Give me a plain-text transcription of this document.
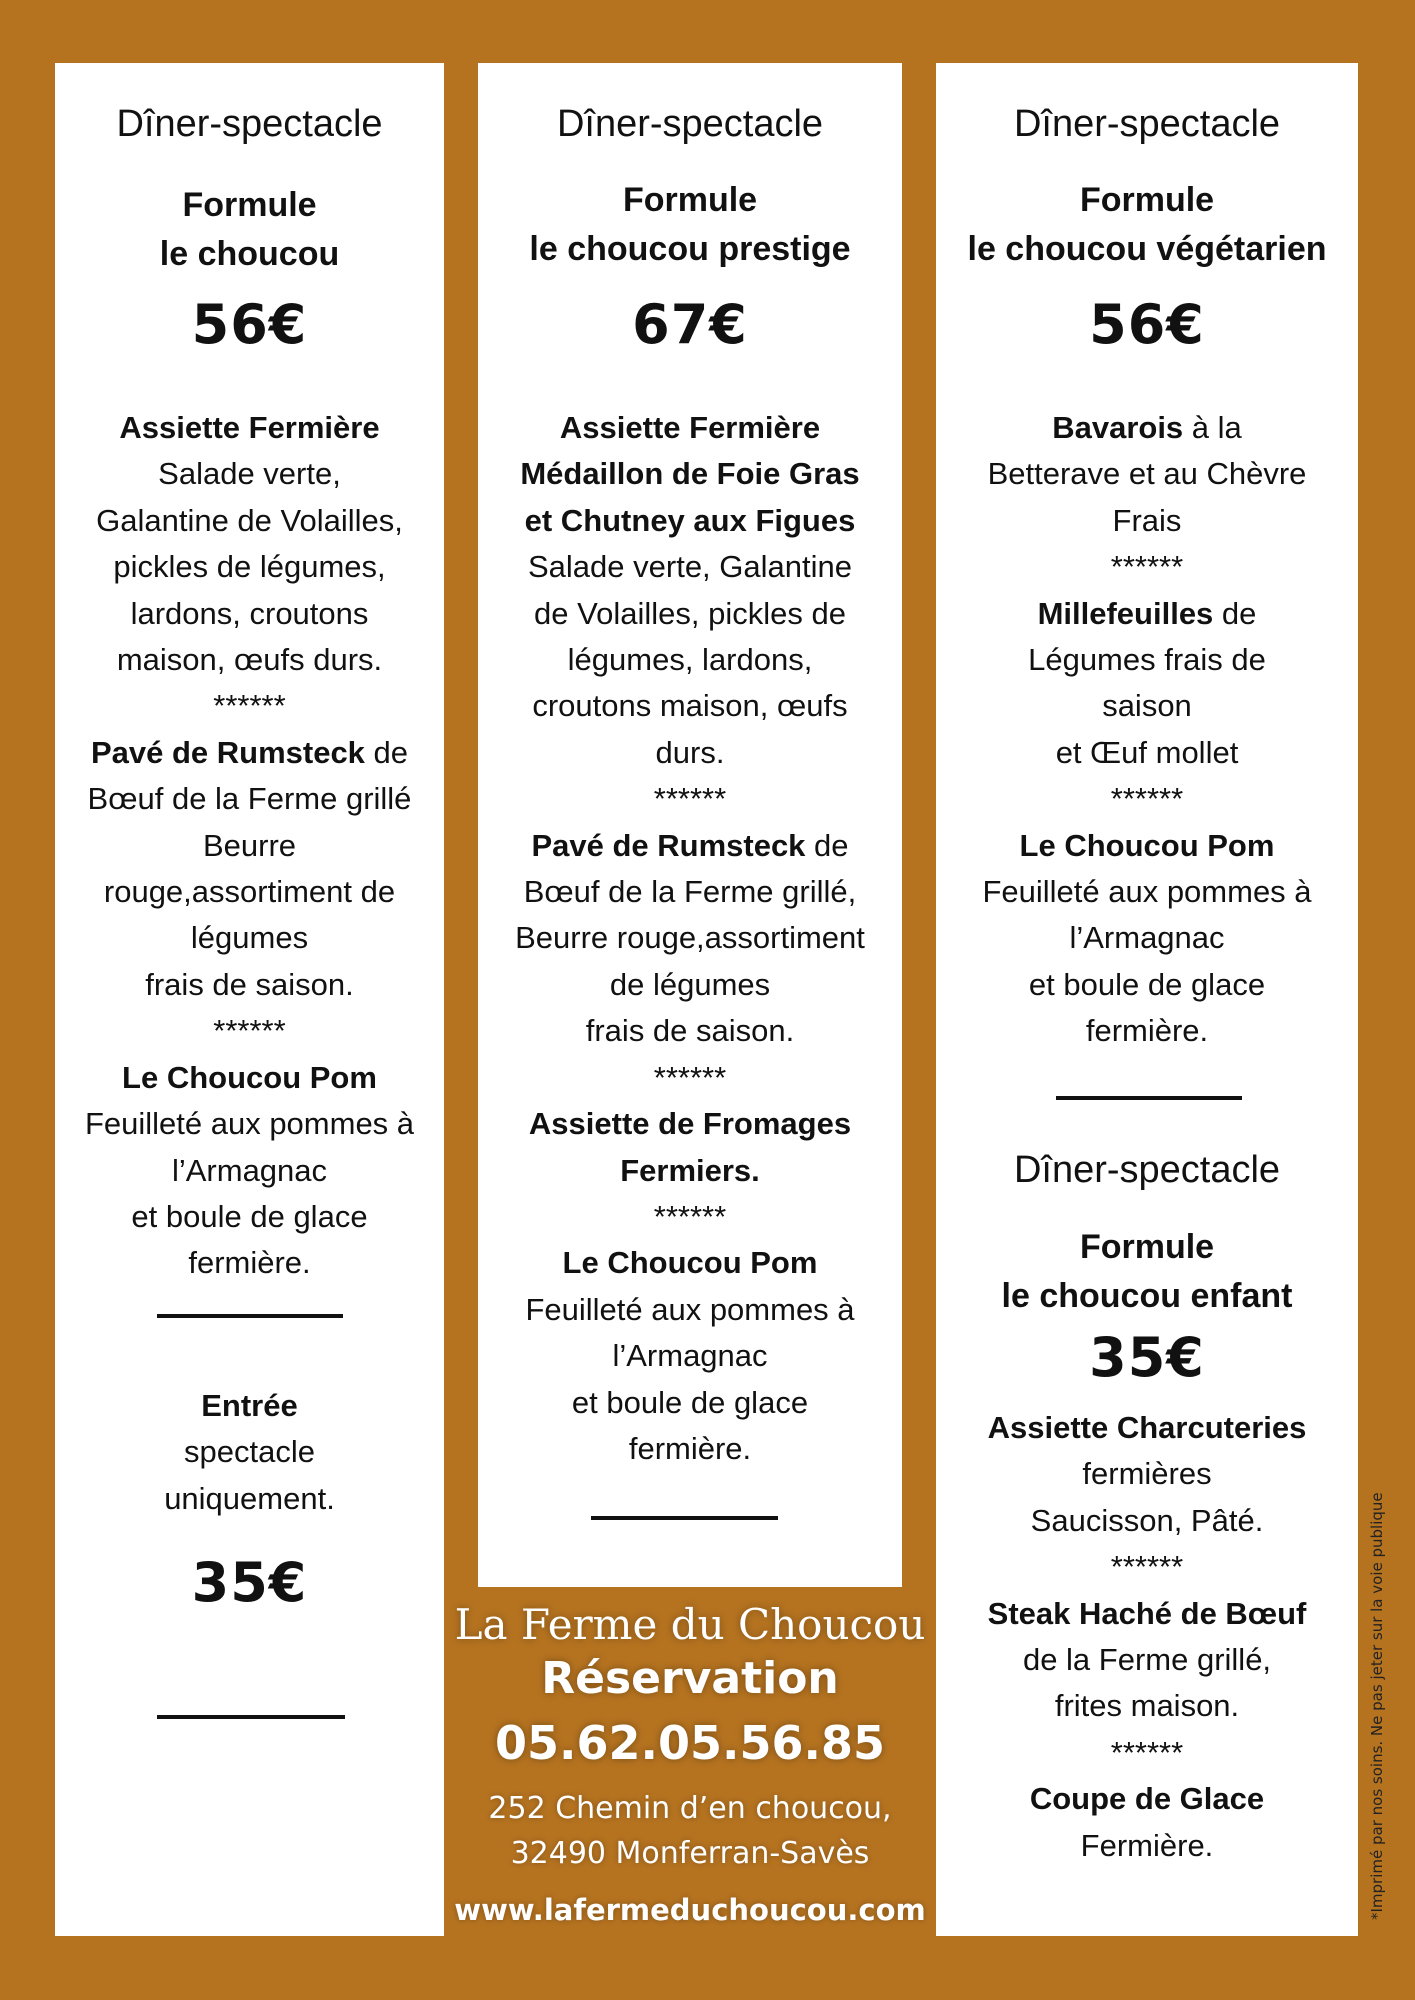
Dîner-spectacle
Formule
le choucou
56€
Assiette Fermière
Salade verte,
Galantine de Volailles,
pickles de légumes,
lardons, croutons
maison, œufs durs.
******
Pavé de Rumsteck de
Bœuf de la Ferme grillé
Beurre
rouge,assortiment de
légumes
frais de saison.
******
Le Choucou Pom
Feuilleté aux pommes à
l’Armagnac
et boule de glace
fermière.
Entrée
spectacle
uniquement.
35€
Dîner-spectacle
Formule
le choucou prestige
67€
Assiette Fermière
Médaillon de Foie Gras
et Chutney aux Figues
Salade verte, Galantine
de Volailles, pickles de
légumes, lardons,
croutons maison, œufs
durs.
******
Pavé de Rumsteck de
Bœuf de la Ferme grillé,
Beurre rouge,assortiment
de légumes
frais de saison.
******
Assiette de Fromages
Fermiers.
******
Le Choucou Pom
Feuilleté aux pommes à
l’Armagnac
et boule de glace
fermière.
Dîner-spectacle
Formule
le choucou végétarien
56€
Bavarois à la
Betterave et au Chèvre
Frais
******
Millefeuilles de
Légumes frais de
saison
et Œuf mollet
******
Le Choucou Pom
Feuilleté aux pommes à
l’Armagnac
et boule de glace
fermière.
Dîner-spectacle
Formule
le choucou enfant
35€
Assiette Charcuteries
fermières
Saucisson, Pâté.
******
Steak Haché de Bœuf
de la Ferme grillé,
frites maison.
******
Coupe de Glace
Fermière.
La Ferme du Choucou
Réservation
05.62.05.56.85
252 Chemin d’en choucou,
32490 Monferran-Savès
www.lafermeduchoucou.com	*Imprimé par nos soins. Ne pas jeter sur la voie publique
